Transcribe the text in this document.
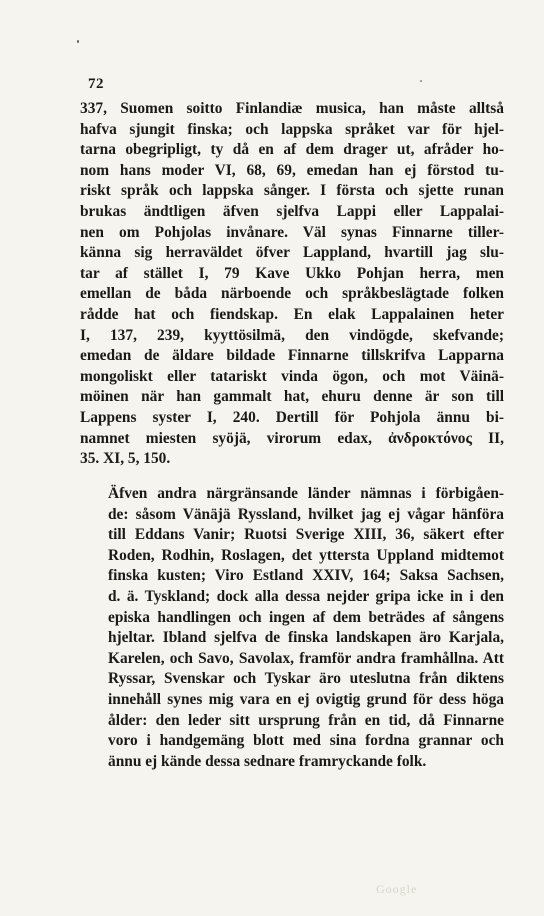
72
337, Suomen soitto Finlandiæ musica, han måste alltså
hafva sjungit finska; och lappska språket var för hjel-
tarna obegripligt, ty då en af dem drager ut, afråder ho-
nom hans moder VI, 68, 69, emedan han ej förstod tu-
riskt språk och lappska sånger. I första och sjette runan
brukas ändtligen äfven sjelfva Lappi eller Lappalai-
nen om Pohjolas invånare. Väl synas Finnarne tiller-
känna sig herraväldet öfver Lappland, hvartill jag slu-
tar af stället I, 79 Kave Ukko Pohjan herra, men
emellan de båda närboende och språkbeslägtade folken
rådde hat och fiendskap. En elak Lappalainen heter
I, 137, 239, kyyttösilmä, den vindögde, skefvande;
emedan de äldare bildade Finnarne tillskrifva Lapparna
mongoliskt eller tatariskt vinda ögon, och mot Väinä-
möinen när han gammalt hat, ehuru denne är son till
Lappens syster I, 240. Dertill för Pohjola ännu bi-
namnet miesten syöjä, virorum edax, ἀνδροκτόνος II,
35. XI, 5, 150.
Äfven andra närgränsande länder nämnas i förbigåen-
de: såsom Vänäjä Ryssland, hvilket jag ej vågar hänföra
till Eddans Vanir; Ruotsi Sverige XIII, 36, säkert efter
Roden, Rodhin, Roslagen, det yttersta Uppland midtemot
finska kusten; Viro Estland XXIV, 164; Saksa Sachsen,
d. ä. Tyskland; dock alla dessa nejder gripa icke in i den
episka handlingen och ingen af dem beträdes af sångens
hjeltar. Ibland sjelfva de finska landskapen äro Karjala,
Karelen, och Savo, Savolax, framför andra framhållna. Att
Ryssar, Svenskar och Tyskar äro uteslutna från diktens
innehåll synes mig vara en ej ovigtig grund för dess höga
ålder: den leder sitt ursprung från en tid, då Finnarne
voro i handgemäng blott med sina fordna grannar och
ännu ej kände dessa sednare framryckande folk.
Google
